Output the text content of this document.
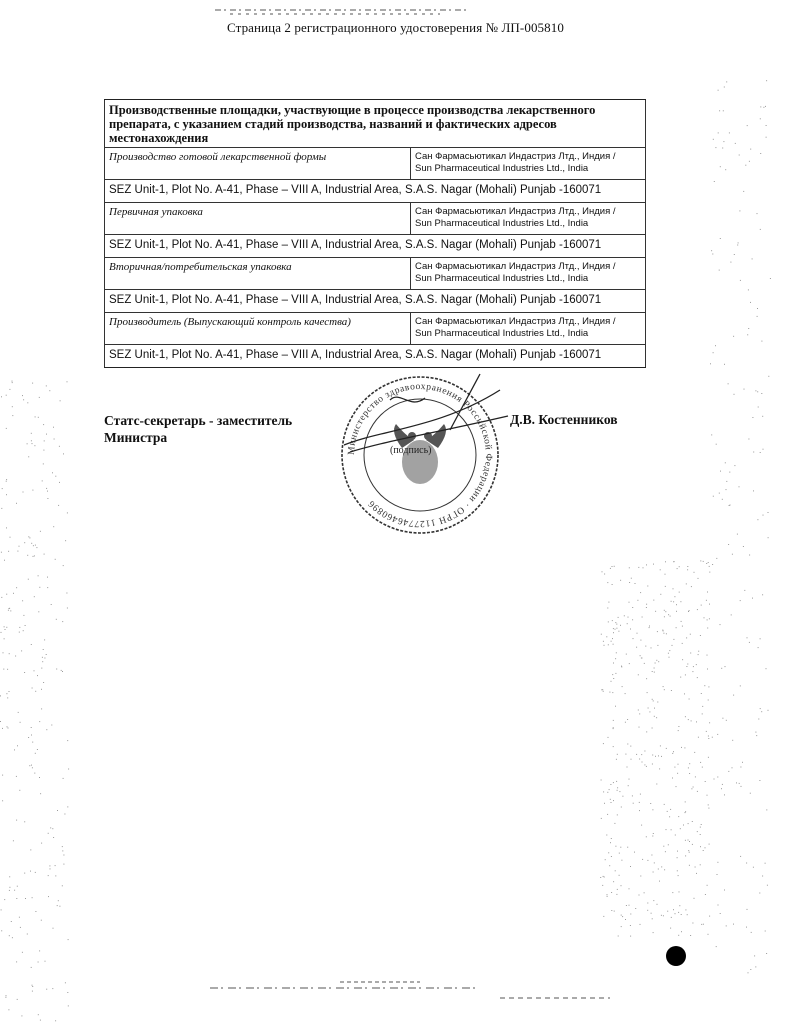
Страница 2 регистрационного удостоверения № ЛП-005810
Производственные площадки, участвующие в процессе производства лекарственного препарата, с указанием стадий производства, названий и фактических адресов местонахождения
Производство готовой лекарственной формы	Сан Фармасьютикал Индастриз Лтд., Индия /
Sun Pharmaceutical Industries Ltd., India
SEZ Unit-1, Plot No. A-41, Phase – VIII A, Industrial Area, S.A.S. Nagar (Mohali) Punjab -160071
Первичная упаковка	Сан Фармасьютикал Индастриз Лтд., Индия /
Sun Pharmaceutical Industries Ltd., India
SEZ Unit-1, Plot No. A-41, Phase – VIII A, Industrial Area, S.A.S. Nagar (Mohali) Punjab -160071
Вторичная/потребительская упаковка	Сан Фармасьютикал Индастриз Лтд., Индия /
Sun Pharmaceutical Industries Ltd., India
SEZ Unit-1, Plot No. A-41, Phase – VIII A, Industrial Area, S.A.S. Nagar (Mohali) Punjab -160071
Производитель (Выпускающий контроль качества)	Сан Фармасьютикал Индастриз Лтд., Индия /
Sun Pharmaceutical Industries Ltd., India
SEZ Unit-1, Plot No. A-41, Phase – VIII A, Industrial Area, S.A.S. Nagar (Mohali) Punjab -160071
Статс-секретарь - заместитель
Министра
Министерство здравоохранения Российской Федерации · ОГРН 1127746460896
(подпись)
Д.В. Костенников
